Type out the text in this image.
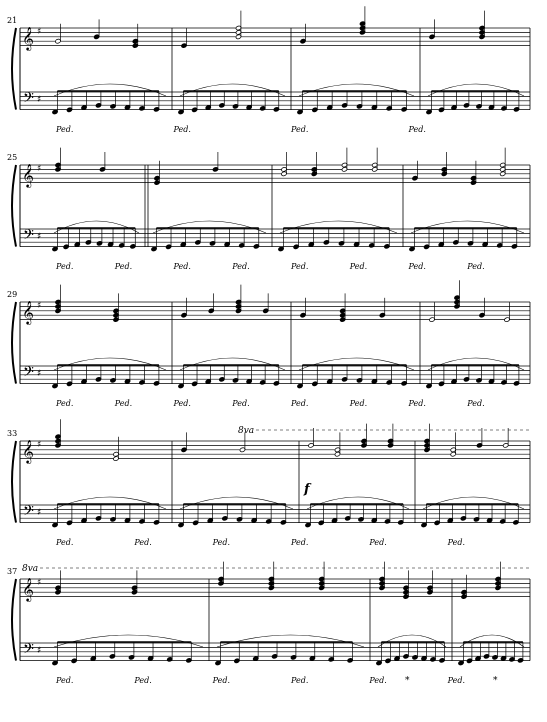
21
𝄞
𝄢
♯
♯
Ped.	Ped.	Ped.	Ped.
25
𝄞
𝄢
♯
♯
Ped.	Ped.	Ped.	Ped.	Ped.	Ped.	Ped.	Ped.
29
𝄞
𝄢
♯
♯
Ped.	Ped.	Ped.	Ped.	Ped.	Ped.	Ped.	Ped.
33
𝄞
𝄢
♯
♯
Ped.	Ped.	Ped.	Ped.	Ped.	Ped.
8va
f
37
𝄞
𝄢
♯
♯
Ped.	Ped.	Ped.	Ped.	Ped.	Ped.
*	*
8va
